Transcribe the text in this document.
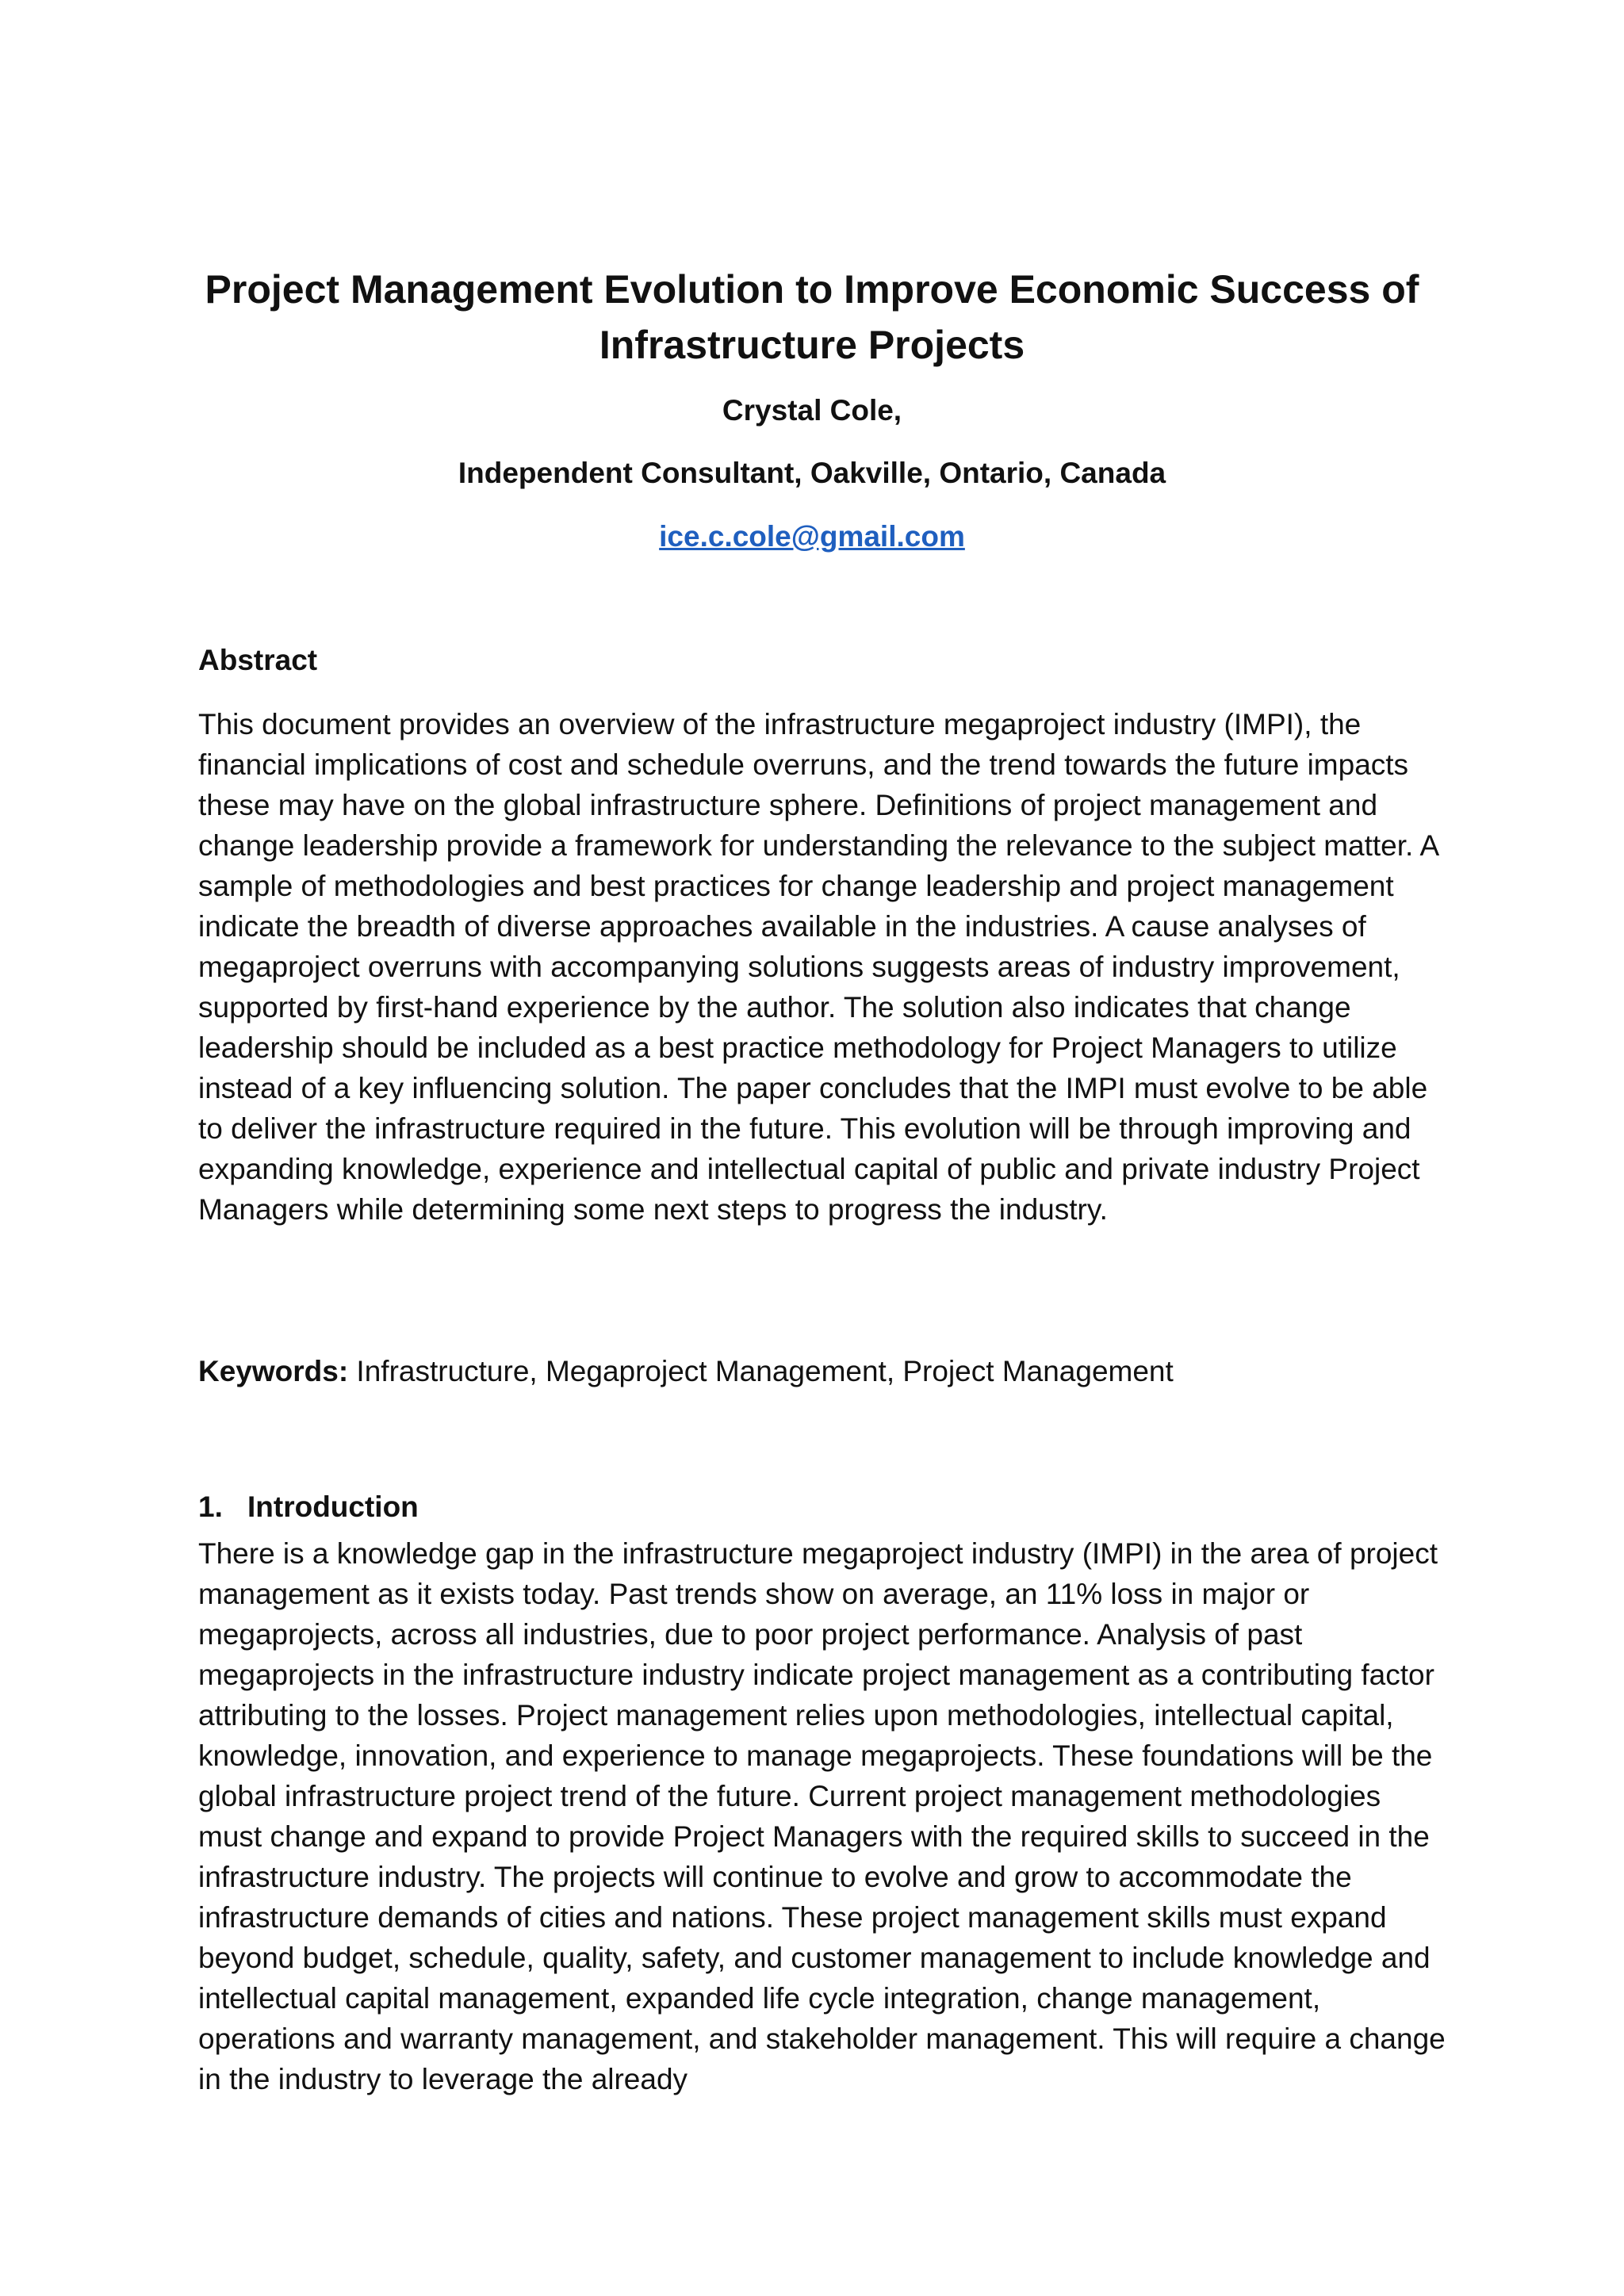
Project Management Evolution to Improve Economic Success of Infrastructure Projects

Crystal Cole,

Independent Consultant, Oakville, Ontario, Canada

ice.c.cole@gmail.com
Abstract

This document provides an overview of the infrastructure megaproject industry (IMPI), the financial implications of cost and schedule overruns, and the trend towards the future impacts these may have on the global infrastructure sphere. Definitions of project management and change leadership provide a framework for understanding the relevance to the subject matter. A sample of methodologies and best practices for change leadership and project management indicate the breadth of diverse approaches available in the industries. A cause analyses of megaproject overruns with accompanying solutions suggests areas of industry improvement, supported by first-hand experience by the author. The solution also indicates that change leadership should be included as a best practice methodology for Project Managers to utilize instead of a key influencing solution. The paper concludes that the IMPI must evolve to be able to deliver the infrastructure required in the future. This evolution will be through improving and expanding knowledge, experience and intellectual capital of public and private industry Project Managers while determining some next steps to progress the industry.

Keywords: Infrastructure, Megaproject Management, Project Management

1. Introduction

There is a knowledge gap in the infrastructure megaproject industry (IMPI) in the area of project management as it exists today. Past trends show on average, an 11% loss in major or megaprojects, across all industries, due to poor project performance. Analysis of past megaprojects in the infrastructure industry indicate project management as a contributing factor attributing to the losses. Project management relies upon methodologies, intellectual capital, knowledge, innovation, and experience to manage megaprojects. These foundations will be the global infrastructure project trend of the future. Current project management methodologies must change and expand to provide Project Managers with the required skills to succeed in the infrastructure industry. The projects will continue to evolve and grow to accommodate the infrastructure demands of cities and nations. These project management skills must expand beyond budget, schedule, quality, safety, and customer management to include knowledge and intellectual capital management, expanded life cycle integration, change management, operations and warranty management, and stakeholder management. This will require a change in the industry to leverage the already
